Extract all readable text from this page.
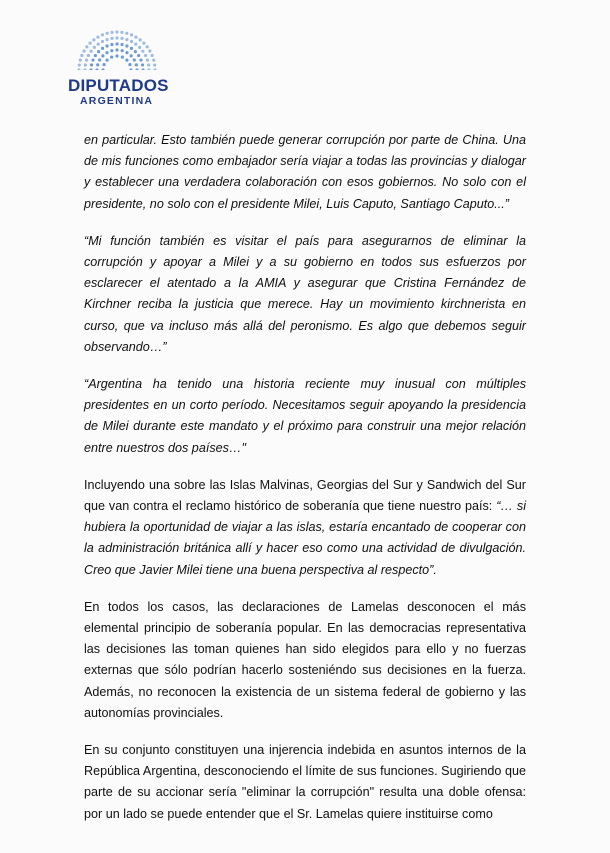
DIPUTADOS
ARGENTINA

en particular. Esto también puede generar corrupción por parte de China. Una de mis funciones como embajador sería viajar a todas las provincias y dialogar y establecer una verdadera colaboración con esos gobiernos. No solo con el presidente, no solo con el presidente Milei, Luis Caputo, Santiago Caputo...”

“Mi función también es visitar el país para asegurarnos de eliminar la corrupción y apoyar a Milei y a su gobierno en todos sus esfuerzos por esclarecer el atentado a la AMIA y asegurar que Cristina Fernández de Kirchner reciba la justicia que merece. Hay un movimiento kirchnerista en curso, que va incluso más allá del peronismo. Es algo que debemos seguir observando…”

“Argentina ha tenido una historia reciente muy inusual con múltiples presidentes en un corto período. Necesitamos seguir apoyando la presidencia de Milei durante este mandato y el próximo para construir una mejor relación entre nuestros dos países…"

Incluyendo una sobre las Islas Malvinas, Georgias del Sur y Sandwich del Sur que van contra el reclamo histórico de soberanía que tiene nuestro país: “… si hubiera la oportunidad de viajar a las islas, estaría encantado de cooperar con la administración británica allí y hacer eso como una actividad de divulgación. Creo que Javier Milei tiene una buena perspectiva al respecto”.

En todos los casos, las declaraciones de Lamelas desconocen el más elemental principio de soberanía popular. En las democracias representativa las decisiones las toman quienes han sido elegidos para ello y no fuerzas externas que sólo podrían hacerlo sosteniéndo sus decisiones en la fuerza. Además, no reconocen la existencia de un sistema federal de gobierno y las autonomías provinciales.

En su conjunto constituyen una injerencia indebida en asuntos internos de la República Argentina, desconociendo el límite de sus funciones. Sugiriendo que parte de su accionar sería "eliminar la corrupción" resulta una doble ofensa: por un lado se puede entender que el Sr. Lamelas quiere instituirse como
